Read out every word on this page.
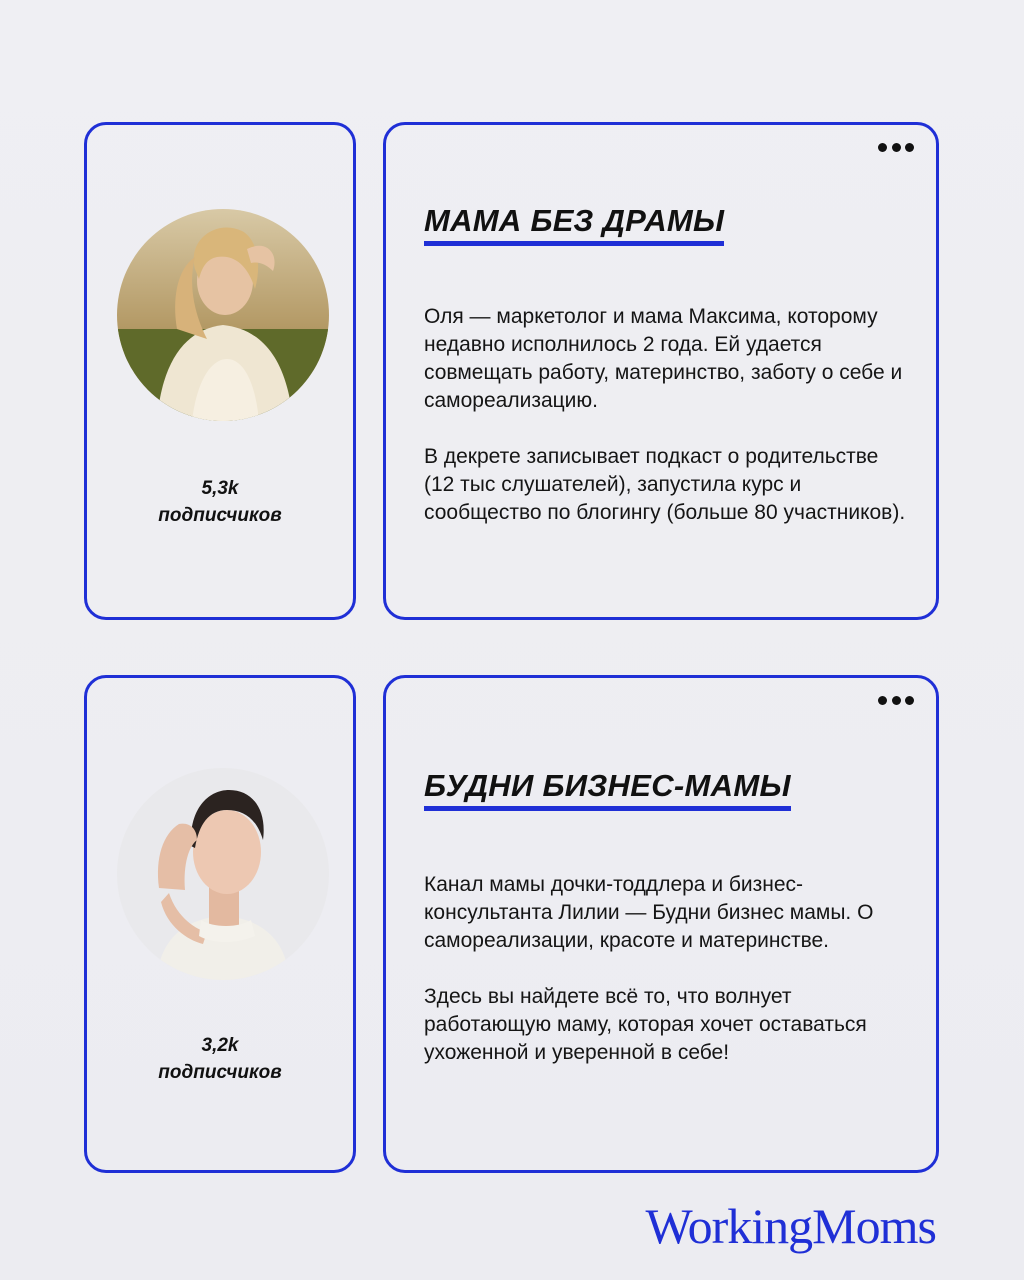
5,3k
подписчиков
МАМА БЕЗ ДРАМЫ

Оля — маркетолог и мама Максима, которому недавно исполнилось 2 года. Ей удается совмещать работу, материнство, заботу о себе и самореализацию.

В декрете записывает подкаст о родительстве (12 тыс слушателей), запустила курс и сообщество по блогингу (больше 80 участников).

3,2k
подписчиков
БУДНИ БИЗНЕС-МАМЫ

Канал мамы дочки-тоддлера и бизнес-консультанта Лилии — Будни бизнес мамы. О самореализации, красоте и материнстве.

Здесь вы найдете всё то, что волнует работающую маму, которая хочет оставаться ухоженной и уверенной в себе!

WorkingMoms
